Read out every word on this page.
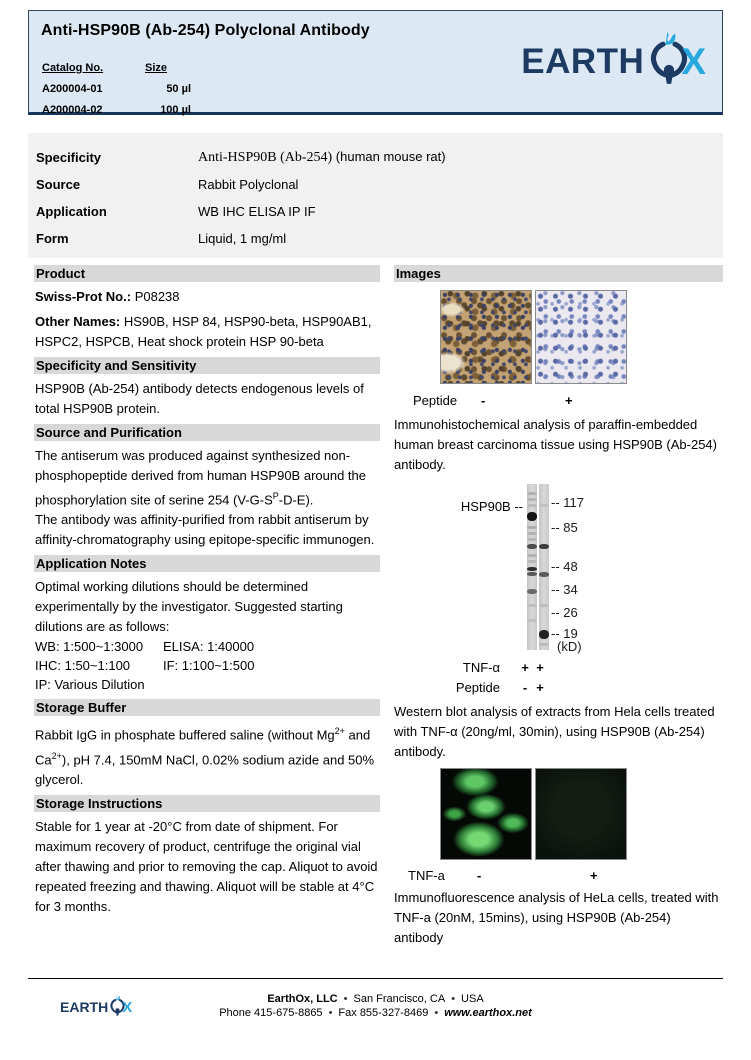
Anti-HSP90B (Ab-254) Polyclonal Antibody
Catalog No.	Size
A200004-01	50 µl
A200004-02	100 µl
EARTH X
Specificity	Anti-HSP90B (Ab-254) (human mouse rat)
Source	Rabbit Polyclonal
Application	WB IHC ELISA IP IF
Form	Liquid, 1 mg/ml
Product

Swiss-Prot No.: P08238

Other Names: HS90B, HSP 84, HSP90-beta, HSP90AB1, HSPC2, HSPCB, Heat shock protein HSP 90-beta

Specificity and Sensitivity

HSP90B (Ab-254) antibody detects endogenous levels of total HSP90B protein.

Source and Purification

The antiserum was produced against synthesized non-phosphopeptide derived from human HSP90B around the phosphorylation site of serine 254 $(V-G-S^P-D-E)$.

The antibody was affinity-purified from rabbit antiserum by affinity-chromatography using epitope-specific immunogen.

Application Notes

Optimal working dilutions should be determined experimentally by the investigator. Suggested starting dilutions are as follows:

WB: 1:500~1:3000	ELISA: 1:40000
IHC: 1:50~1:100	IF: 1:100~1:500
IP: Various Dilution
Storage Buffer

Rabbit IgG in phosphate buffered saline (without $Mg^{2+}$ and $Ca^{2+}$), pH 7.4, 150mM NaCl, 0.02% sodium azide and 50% glycerol.

Storage Instructions

Stable for 1 year at -20°C from date of shipment. For maximum recovery of product, centrifuge the original vial after thawing and prior to removing the cap. Aliquot to avoid repeated freezing and thawing. Aliquot will be stable at 4°C for 3 months.

Images
Peptide -	+

Immunohistochemical analysis of paraffin-embedded human breast carcinoma tissue using HSP90B (Ab-254) antibody.

HSP90B -- -- 117
-- 85
-- 48
-- 34
-- 26
-- 19
(kD)
TNF-α + +
Peptide - +

Western blot analysis of extracts from Hela cells treated with TNF-α (20ng/ml, 30min), using HSP90B (Ab-254) antibody.

TNF-a -	+

Immunofluorescence analysis of HeLa cells, treated with
TNF-a (20nM, 15mins), using HSP90B (Ab-254) antibody

EARTH X	EarthOx, LLC • San Francisco, CA • USA
Phone 415-675-8865 • Fax 855-327-8469 • www.earthox.net
